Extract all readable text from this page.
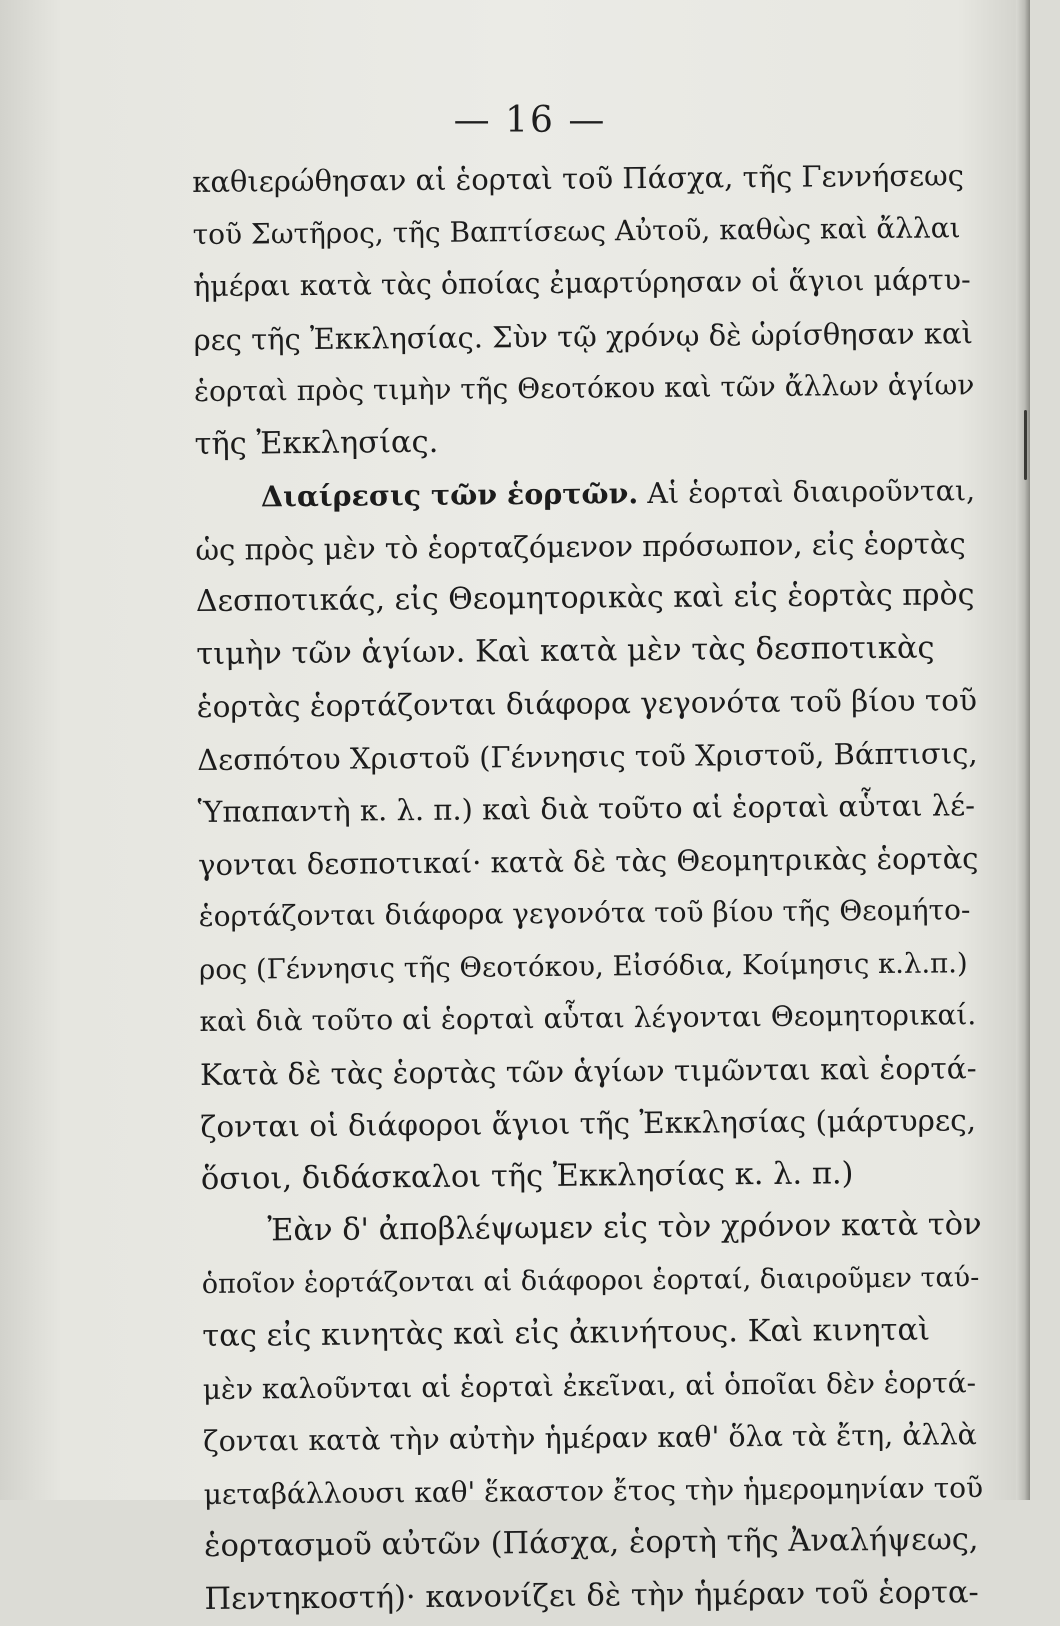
— 16 —
καθιερώθησαν αἱ ἑορταὶ τοῦ Πάσχα, τῆς Γεννήσεως
τοῦ Σωτῆρος, τῆς Βαπτίσεως Αὐτοῦ, καθὼς καὶ ἄλλαι
ἡμέραι κατὰ τὰς ὁποίας ἐμαρτύρησαν οἱ ἅγιοι μάρτυ-
ρες τῆς Ἐκκλησίας. Σὺν τῷ χρόνῳ δὲ ὡρίσθησαν καὶ
ἑορταὶ πρὸς τιμὴν τῆς Θεοτόκου καὶ τῶν ἄλλων ἁγίων
τῆς Ἐκκλησίας.
Διαίρεσις τῶν ἑορτῶν. Αἱ ἑορταὶ διαιροῦνται,
ὡς πρὸς μὲν τὸ ἑορταζόμενον πρόσωπον, εἰς ἑορτὰς
Δεσποτικάς, εἰς Θεομητορικὰς καὶ εἰς ἑορτὰς πρὸς
τιμὴν τῶν ἁγίων. Καὶ κατὰ μὲν τὰς δεσποτικὰς
ἑορτὰς ἑορτάζονται διάφορα γεγονότα τοῦ βίου τοῦ
Δεσπότου Χριστοῦ (Γέννησις τοῦ Χριστοῦ, Βάπτισις,
Ὑπαπαντὴ κ. λ. π.) καὶ διὰ τοῦτο αἱ ἑορταὶ αὗται λέ-
γονται δεσποτικαί· κατὰ δὲ τὰς Θεομητρικὰς ἑορτὰς
ἑορτάζονται διάφορα γεγονότα τοῦ βίου τῆς Θεομήτο-
ρος (Γέννησις τῆς Θεοτόκου, Εἰσόδια, Κοίμησις κ.λ.π.)
καὶ διὰ τοῦτο αἱ ἑορταὶ αὗται λέγονται Θεομητορικαί.
Κατὰ δὲ τὰς ἑορτὰς τῶν ἁγίων τιμῶνται καὶ ἑορτά-
ζονται οἱ διάφοροι ἅγιοι τῆς Ἐκκλησίας (μάρτυρες,
ὅσιοι, διδάσκαλοι τῆς Ἐκκλησίας κ. λ. π.)
Ἐὰν δ' ἀποβλέψωμεν εἰς τὸν χρόνον κατὰ τὸν
ὁποῖον ἑορτάζονται αἱ διάφοροι ἑορταί, διαιροῦμεν ταύ-
τας εἰς κινητὰς καὶ εἰς ἀκινήτους. Καὶ κινηταὶ
μὲν καλοῦνται αἱ ἑορταὶ ἐκεῖναι, αἱ ὁποῖαι δὲν ἑορτά-
ζονται κατὰ τὴν αὐτὴν ἡμέραν καθ' ὅλα τὰ ἔτη, ἀλλὰ
μεταβάλλουσι καθ' ἕκαστον ἔτος τὴν ἡμερομηνίαν τοῦ
ἑορτασμοῦ αὐτῶν (Πάσχα, ἑορτὴ τῆς Ἀναλήψεως,
Πεντηκοστή)· κανονίζει δὲ τὴν ἡμέραν τοῦ ἑορτα-
